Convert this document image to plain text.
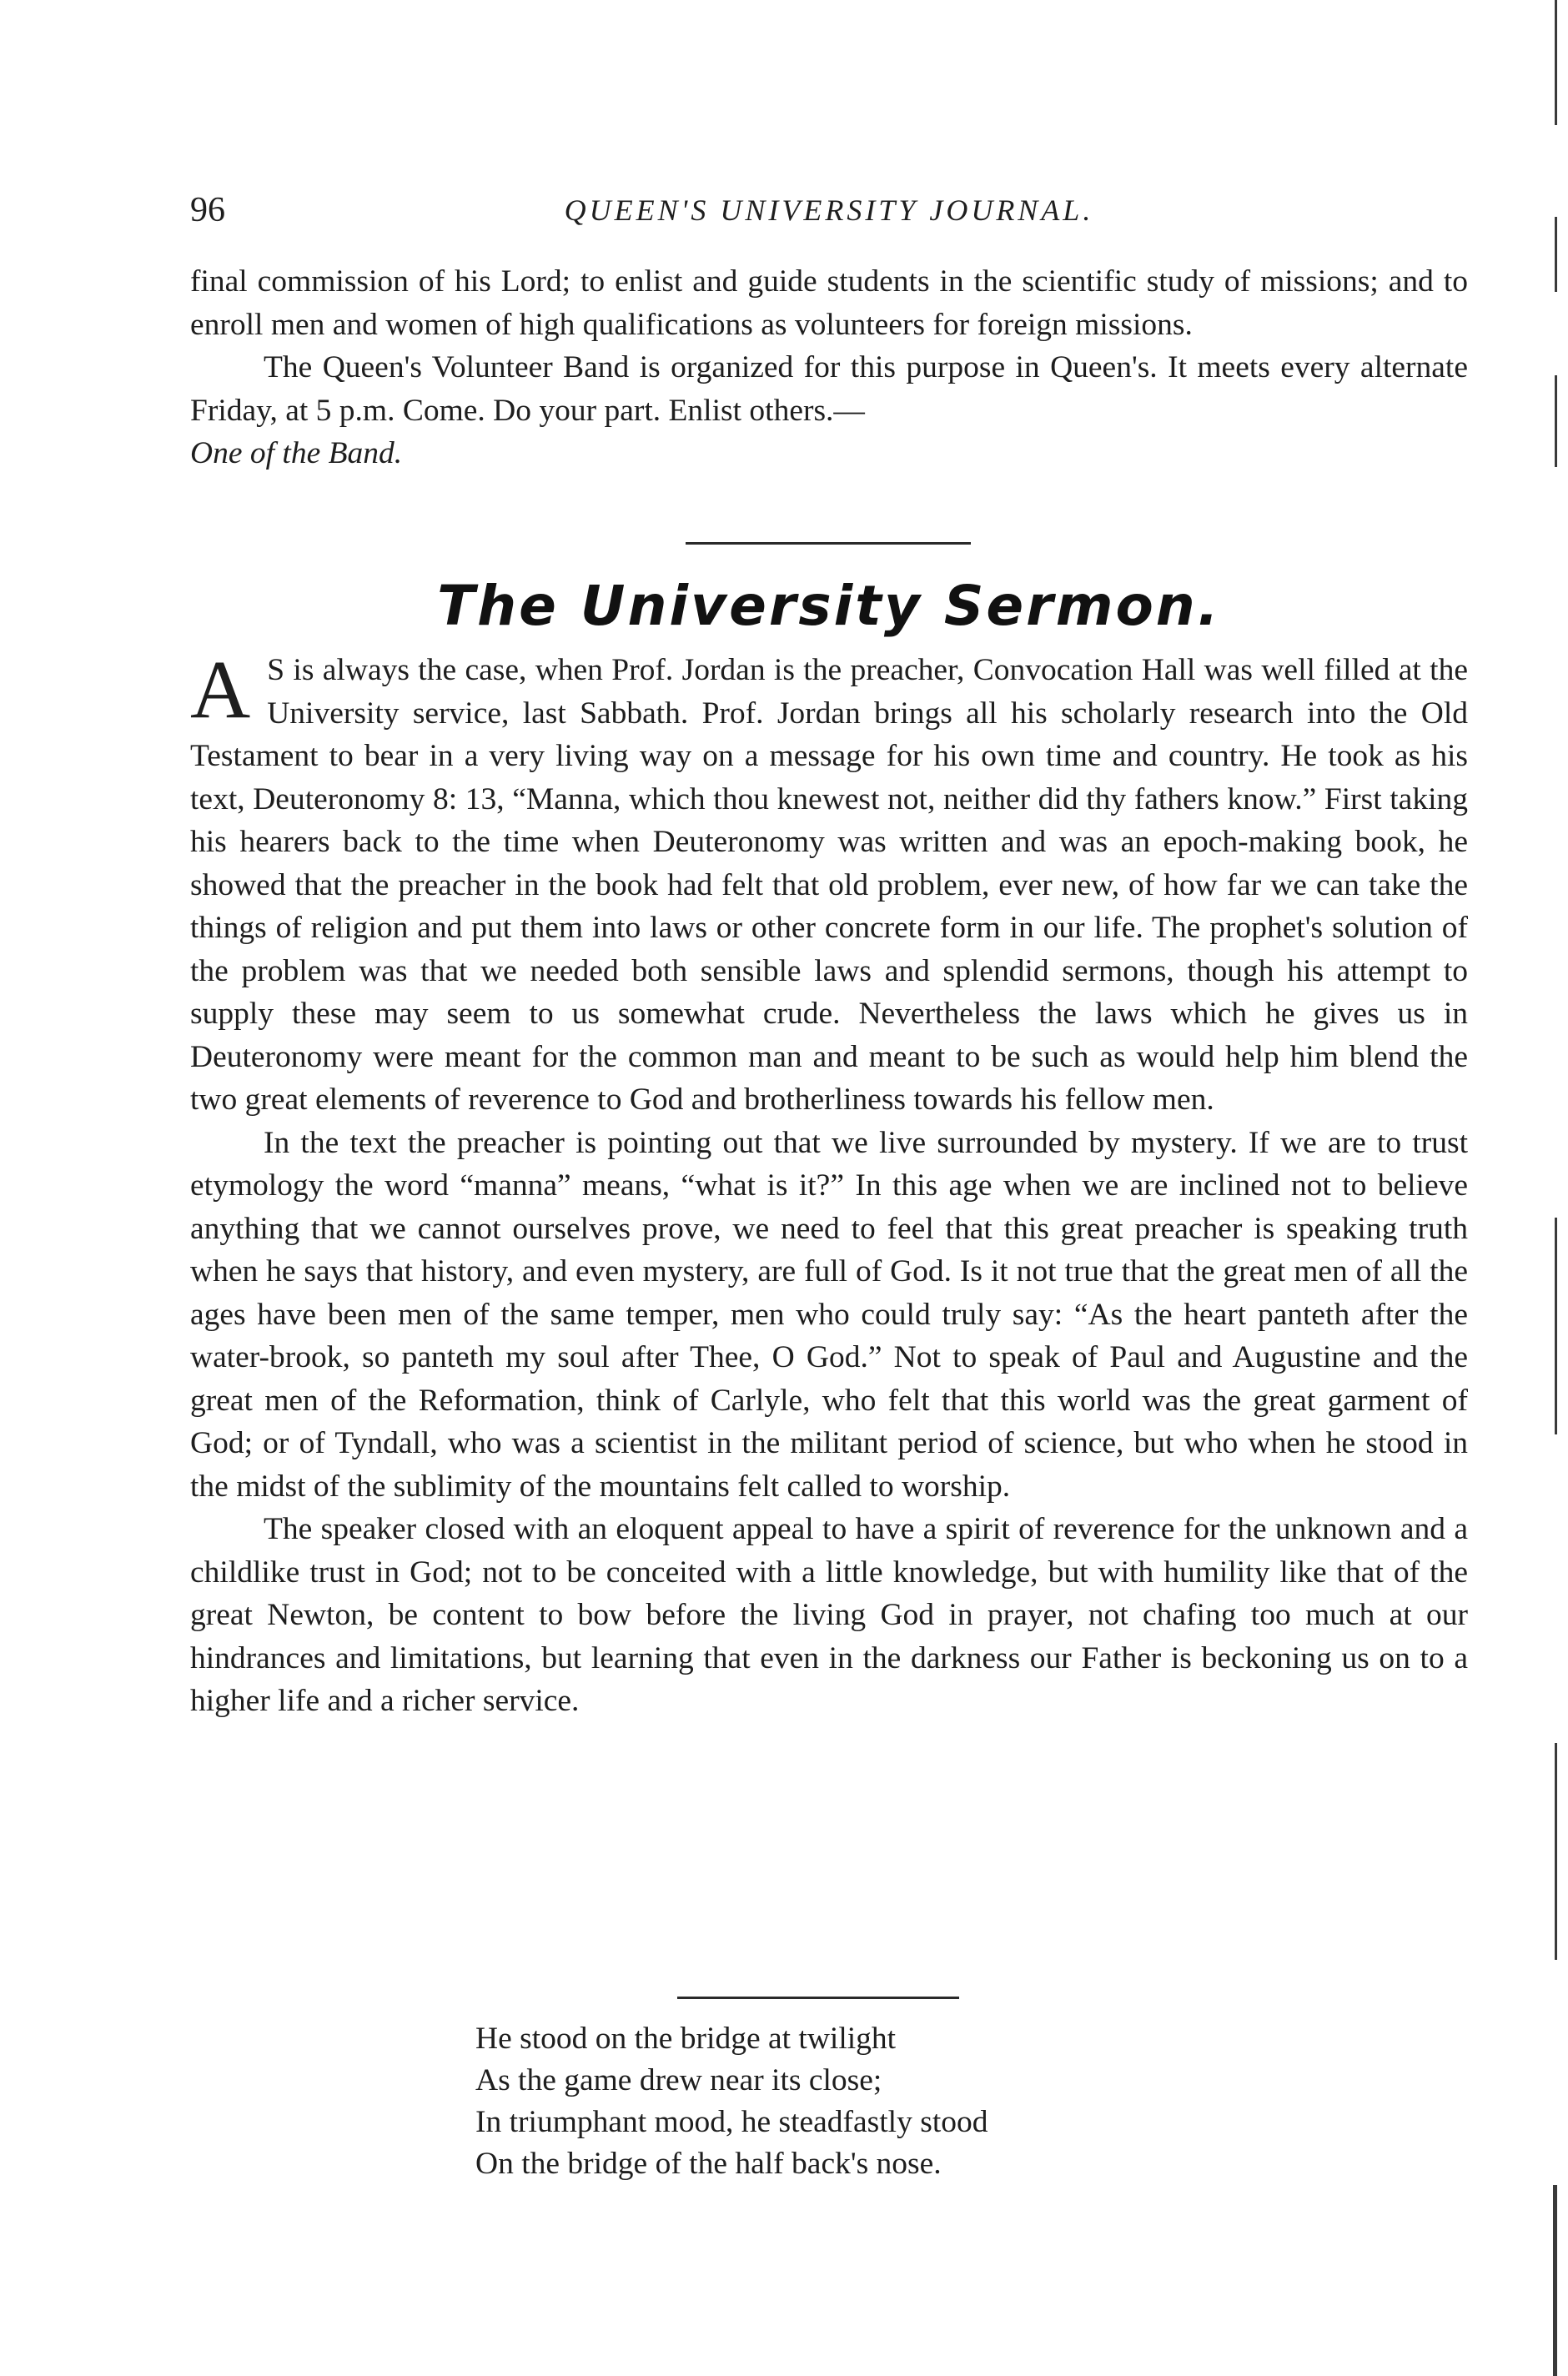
96	QUEEN'S UNIVERSITY JOURNAL.

final commission of his Lord; to enlist and guide students in the scientific study of missions; and to enroll men and women of high qualifications as volunteers for foreign missions.

The Queen's Volunteer Band is organized for this purpose in Queen's. It meets every alternate Friday, at 5 p.m. Come. Do your part. Enlist others.—
One of the Band.

The University Sermon.

A S is always the case, when Prof. Jordan is the preacher, Convocation Hall was well filled at the University service, last Sabbath. Prof. Jordan brings all his scholarly research into the Old Testament to bear in a very living way on a message for his own time and country. He took as his text, Deuteronomy 8: 13, “Manna, which thou knewest not, neither did thy fathers know.” First taking his hearers back to the time when Deuteronomy was written and was an epoch-making book, he showed that the preacher in the book had felt that old problem, ever new, of how far we can take the things of religion and put them into laws or other concrete form in our life. The prophet's solution of the problem was that we needed both sensible laws and splendid sermons, though his attempt to supply these may seem to us somewhat crude. Nevertheless the laws which he gives us in Deuteronomy were meant for the common man and meant to be such as would help him blend the two great elements of reverence to God and brotherliness towards his fellow men.

In the text the preacher is pointing out that we live surrounded by mystery. If we are to trust etymology the word “manna” means, “what is it?” In this age when we are inclined not to believe anything that we cannot ourselves prove, we need to feel that this great preacher is speaking truth when he says that history, and even mystery, are full of God. Is it not true that the great men of all the ages have been men of the same temper, men who could truly say: “As the heart panteth after the water-brook, so panteth my soul after Thee, O God.” Not to speak of Paul and Augustine and the great men of the Reformation, think of Carlyle, who felt that this world was the great garment of God; or of Tyndall, who was a scientist in the militant period of science, but who when he stood in the midst of the sublimity of the mountains felt called to worship.

The speaker closed with an eloquent appeal to have a spirit of reverence for the unknown and a childlike trust in God; not to be conceited with a little knowledge, but with humility like that of the great Newton, be content to bow before the living God in prayer, not chafing too much at our hindrances and limitations, but learning that even in the darkness our Father is beckoning us on to a higher life and a richer service.

He stood on the bridge at twilight
As the game drew near its close;
In triumphant mood, he steadfastly stood
On the bridge of the half back's nose.
